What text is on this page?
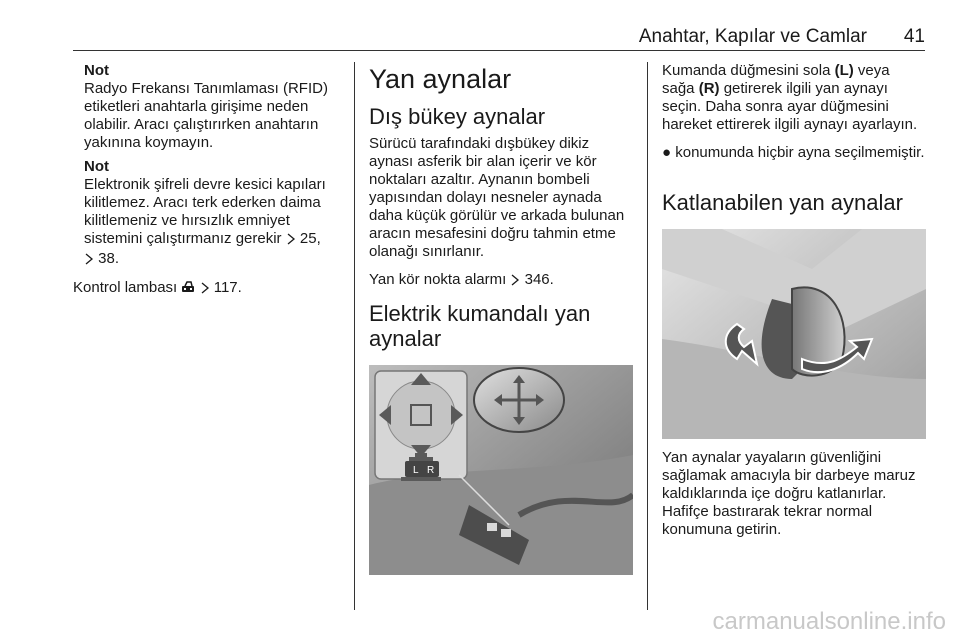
Anahtar, Kapılar ve Camlar 41

Not

Radyo Frekansı Tanımlaması (RFID) etiketleri anahtarla girişime neden olabilir. Aracı çalıştırırken anahtarın yakınına koymayın.

Not

Elektronik şifreli devre kesici kapıları kilitlemez. Aracı terk ederken daima kilitlemeniz ve hırsızlık emniyet sistemini çalıştırmanız gerekir  25,
38.

Kontrol lambası   117.

Yan aynalar
Dış bükey aynalar

Sürücü tarafındaki dışbükey dikiz aynası asferik bir alan içerir ve kör noktaları azaltır. Aynanın bombeli yapısından dolayı nesneler aynada daha küçük görülür ve arkada bulunan aracın mesafesini doğru tahmin etme olanağı sınırlanır.

Yan kör nokta alarmı  346.

Elektrik kumandalı yan aynalar
L R

Kumanda düğmesini sola (L) veya sağa (R) getirerek ilgili yan aynayı seçin. Daha sonra ayar düğmesini hareket ettirerek ilgili aynayı ayarlayın.

● konumunda hiçbir ayna seçilmemiştir.

Katlanabilen yan aynalar

Yan aynalar yayaların güvenliğini sağlamak amacıyla bir darbeye maruz kaldıklarında içe doğru katlanırlar. Hafifçe bastırarak tekrar normal konumuna getirin.

carmanualsonline.info
